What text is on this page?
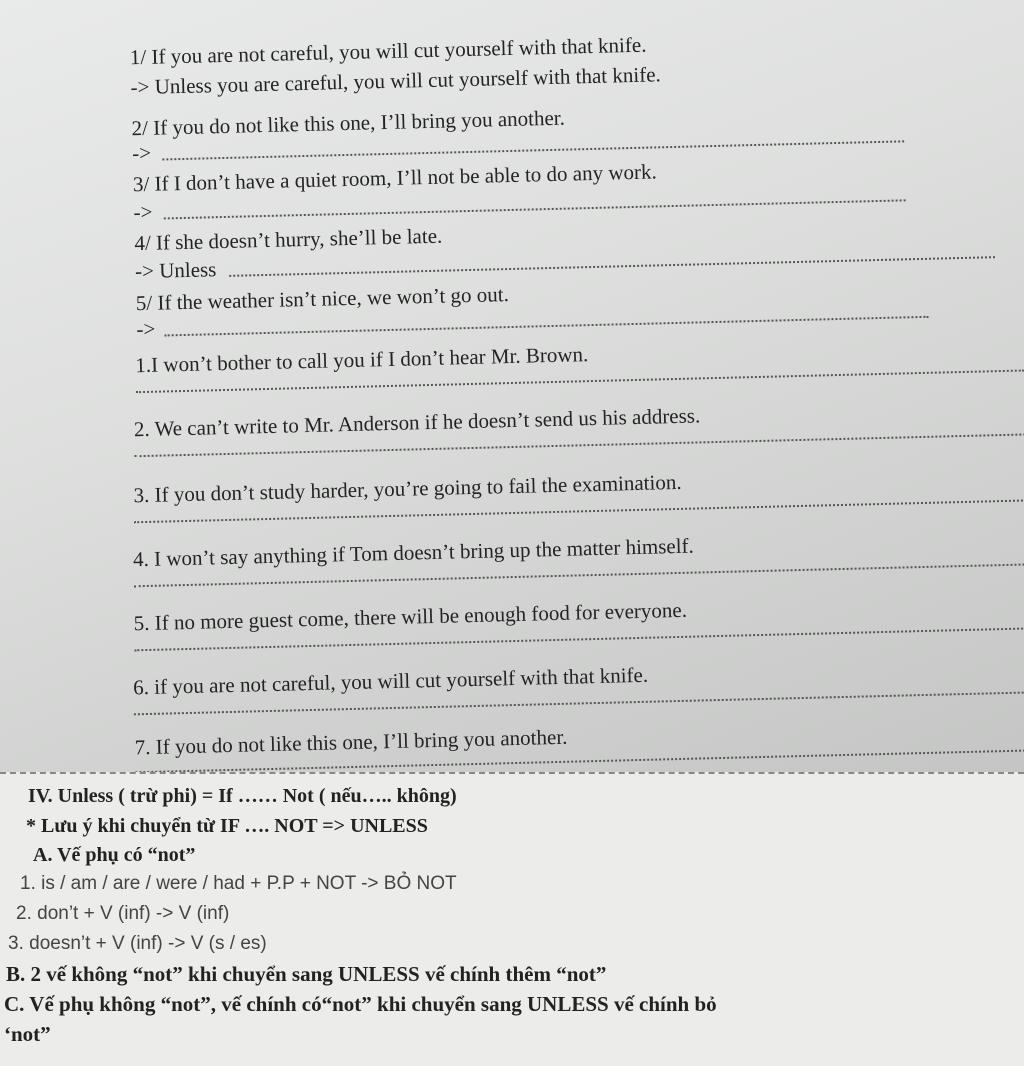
1/ If you are not careful, you will cut yourself with that knife.
-> Unless you are careful, you will cut yourself with that knife.
2/ If you do not like this one, I’ll bring you another.
->
3/ If I don’t have a quiet room, I’ll not be able to do any work.
->
4/ If she doesn’t hurry, she’ll be late.
-> Unless
5/ If the weather isn’t nice, we won’t go out.
->
1.I won’t bother to call you if I don’t hear Mr. Brown.
2. We can’t write to Mr. Anderson if he doesn’t send us his address.
3. If you don’t study harder, you’re going to fail the examination.
4. I won’t say anything if Tom doesn’t bring up the matter himself.
5. If no more guest come, there will be enough food for everyone.
6. if you are not careful, you will cut yourself with that knife.
7. If you do not like this one, I’ll bring you another.
IV. Unless ( trừ phi) = If …… Not ( nếu….. không)
* Lưu ý khi chuyển từ IF …. NOT => UNLESS
A. Vế phụ có “not”
1. is / am / are / were / had + P.P + NOT -> BỎ NOT
2. don’t + V (inf) -> V (inf)
3. doesn’t + V (inf) -> V (s / es)
B. 2 vế không “not” khi chuyển sang UNLESS vế chính thêm “not”
C. Vế phụ không “not”, vế chính có“not” khi chuyển sang UNLESS vế chính bỏ
‘not”
